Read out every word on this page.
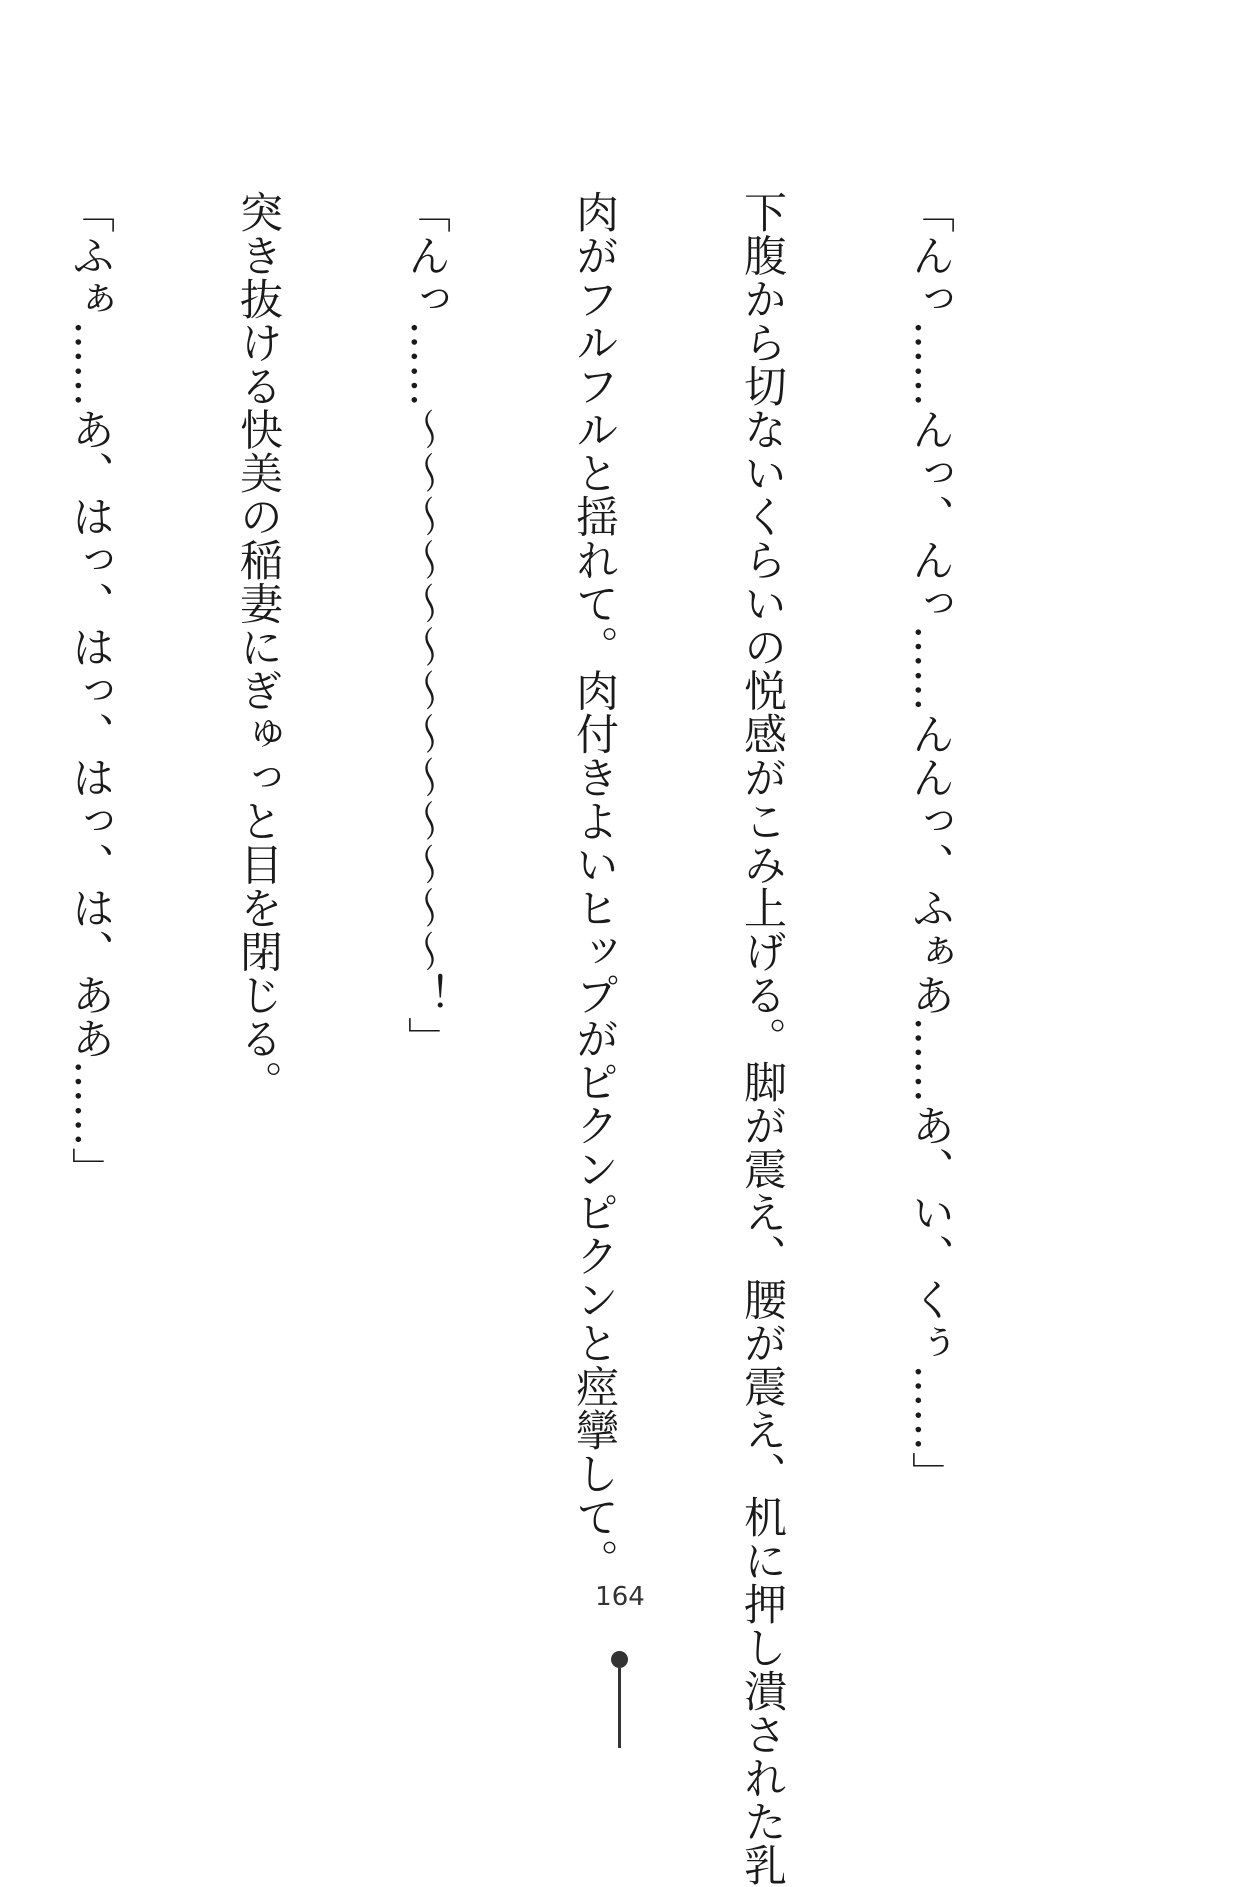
「んっ……んっ、んっ……んんっ、ふぁあ……あ、い、くぅ……」

下腹から切ないくらいの悦感がこみ上げる。脚が震え、腰が震え、机に押し潰された乳

肉がフルフルと揺れて。肉付きよいヒップがピクンピクンと痙攣して。

「んっ……～～～～～～～～～～～～～！」

突き抜ける快美の稲妻にぎゅっと目を閉じる。

「ふぁ……あ、はっ、はっ、はっ、は、ああ……」

164
